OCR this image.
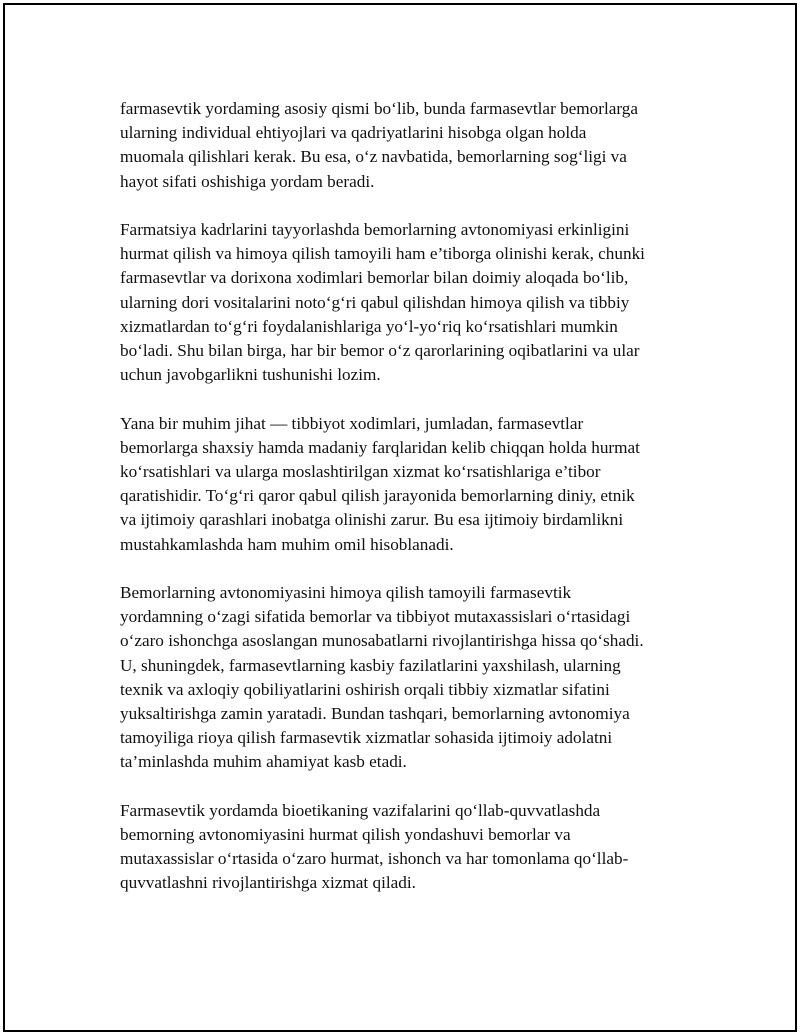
farmasevtik yordaming asosiy qismi bo‘lib, bunda farmasevtlar bemorlarga
ularning individual ehtiyojlari va qadriyatlarini hisobga olgan holda
muomala qilishlari kerak. Bu esa, o‘z navbatida, bemorlarning sog‘ligi va
hayot sifati oshishiga yordam beradi.

Farmatsiya kadrlarini tayyorlashda bemorlarning avtonomiyasi erkinligini
hurmat qilish va himoya qilish tamoyili ham e’tiborga olinishi kerak, chunki
farmasevtlar va dorixona xodimlari bemorlar bilan doimiy aloqada bo‘lib,
ularning dori vositalarini noto‘g‘ri qabul qilishdan himoya qilish va tibbiy
xizmatlardan to‘g‘ri foydalanishlariga yo‘l-yo‘riq ko‘rsatishlari mumkin
bo‘ladi. Shu bilan birga, har bir bemor o‘z qarorlarining oqibatlarini va ular
uchun javobgarlikni tushunishi lozim.

Yana bir muhim jihat — tibbiyot xodimlari, jumladan, farmasevtlar
bemorlarga shaxsiy hamda madaniy farqlaridan kelib chiqqan holda hurmat
ko‘rsatishlari va ularga moslashtirilgan xizmat ko‘rsatishlariga e’tibor
qaratishidir. To‘g‘ri qaror qabul qilish jarayonida bemorlarning diniy, etnik
va ijtimoiy qarashlari inobatga olinishi zarur. Bu esa ijtimoiy birdamlikni
mustahkamlashda ham muhim omil hisoblanadi.

Bemorlarning avtonomiyasini himoya qilish tamoyili farmasevtik
yordamning o‘zagi sifatida bemorlar va tibbiyot mutaxassislari o‘rtasidagi
o‘zaro ishonchga asoslangan munosabatlarni rivojlantirishga hissa qo‘shadi.
U, shuningdek, farmasevtlarning kasbiy fazilatlarini yaxshilash, ularning
texnik va axloqiy qobiliyatlarini oshirish orqali tibbiy xizmatlar sifatini
yuksaltirishga zamin yaratadi. Bundan tashqari, bemorlarning avtonomiya
tamoyiliga rioya qilish farmasevtik xizmatlar sohasida ijtimoiy adolatni
ta’minlashda muhim ahamiyat kasb etadi.

Farmasevtik yordamda bioetikaning vazifalarini qo‘llab-quvvatlashda
bemorning avtonomiyasini hurmat qilish yondashuvi bemorlar va
mutaxassislar o‘rtasida o‘zaro hurmat, ishonch va har tomonlama qo‘llab-
quvvatlashni rivojlantirishga xizmat qiladi.
